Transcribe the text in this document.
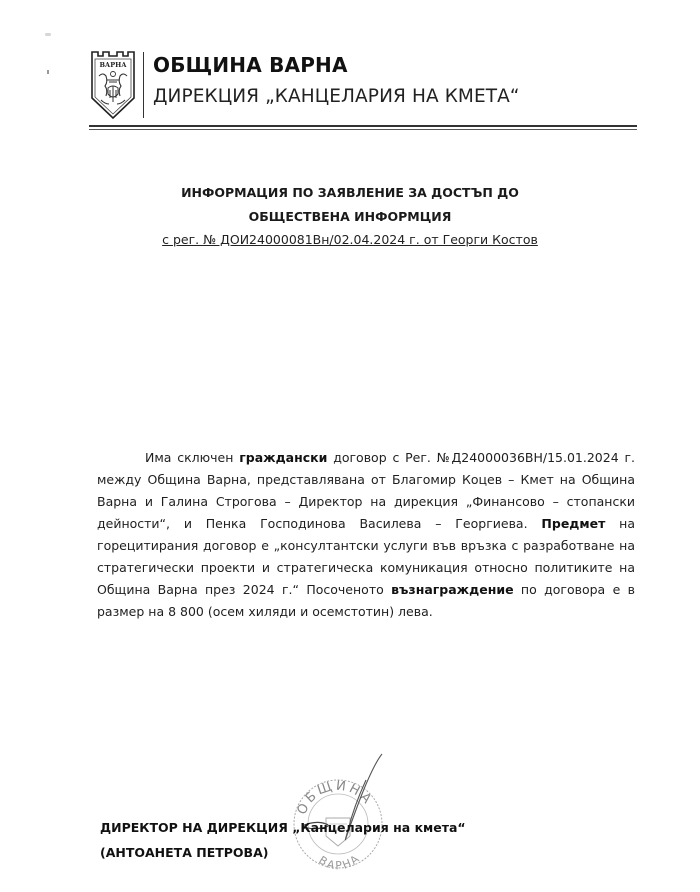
ВАРНА ОБЩИНА ВАРНА
ДИРЕКЦИЯ „КАНЦЕЛАРИЯ НА КМЕТА“
ИНФОРМАЦИЯ ПО ЗАЯВЛЕНИЕ ЗА ДОСТЪП ДО
ОБЩЕСТВЕНА ИНФОРМЦИЯ
с рег. № ДОИ24000081Вн/02.04.2024 г. от Георги Костов
Има сключен граждански договор с Рег. №Д24000036ВН/15.01.2024 г. между Община Варна, представлявана от Благомир Коцев – Кмет на Община Варна и Галина Строгова – Директор на дирекция „Финансово – стопански дейности“, и Пенка Господинова Василева – Георгиева. Предмет на горецитирания договор е „консултантски услуги във връзка с разработване на стратегически проекти и стратегическа комуникация относно политиките на Община Варна през 2024 г.“ Посоченото възнаграждение по договора е в размер на 8 800 (осем хиляди и осемстотин) лева.
ОБЩИНА
ВАРНА
ДИРЕКТОР НА ДИРЕКЦИЯ „Канцелария на кмета“
(АНТОАНЕТА ПЕТРОВА)
